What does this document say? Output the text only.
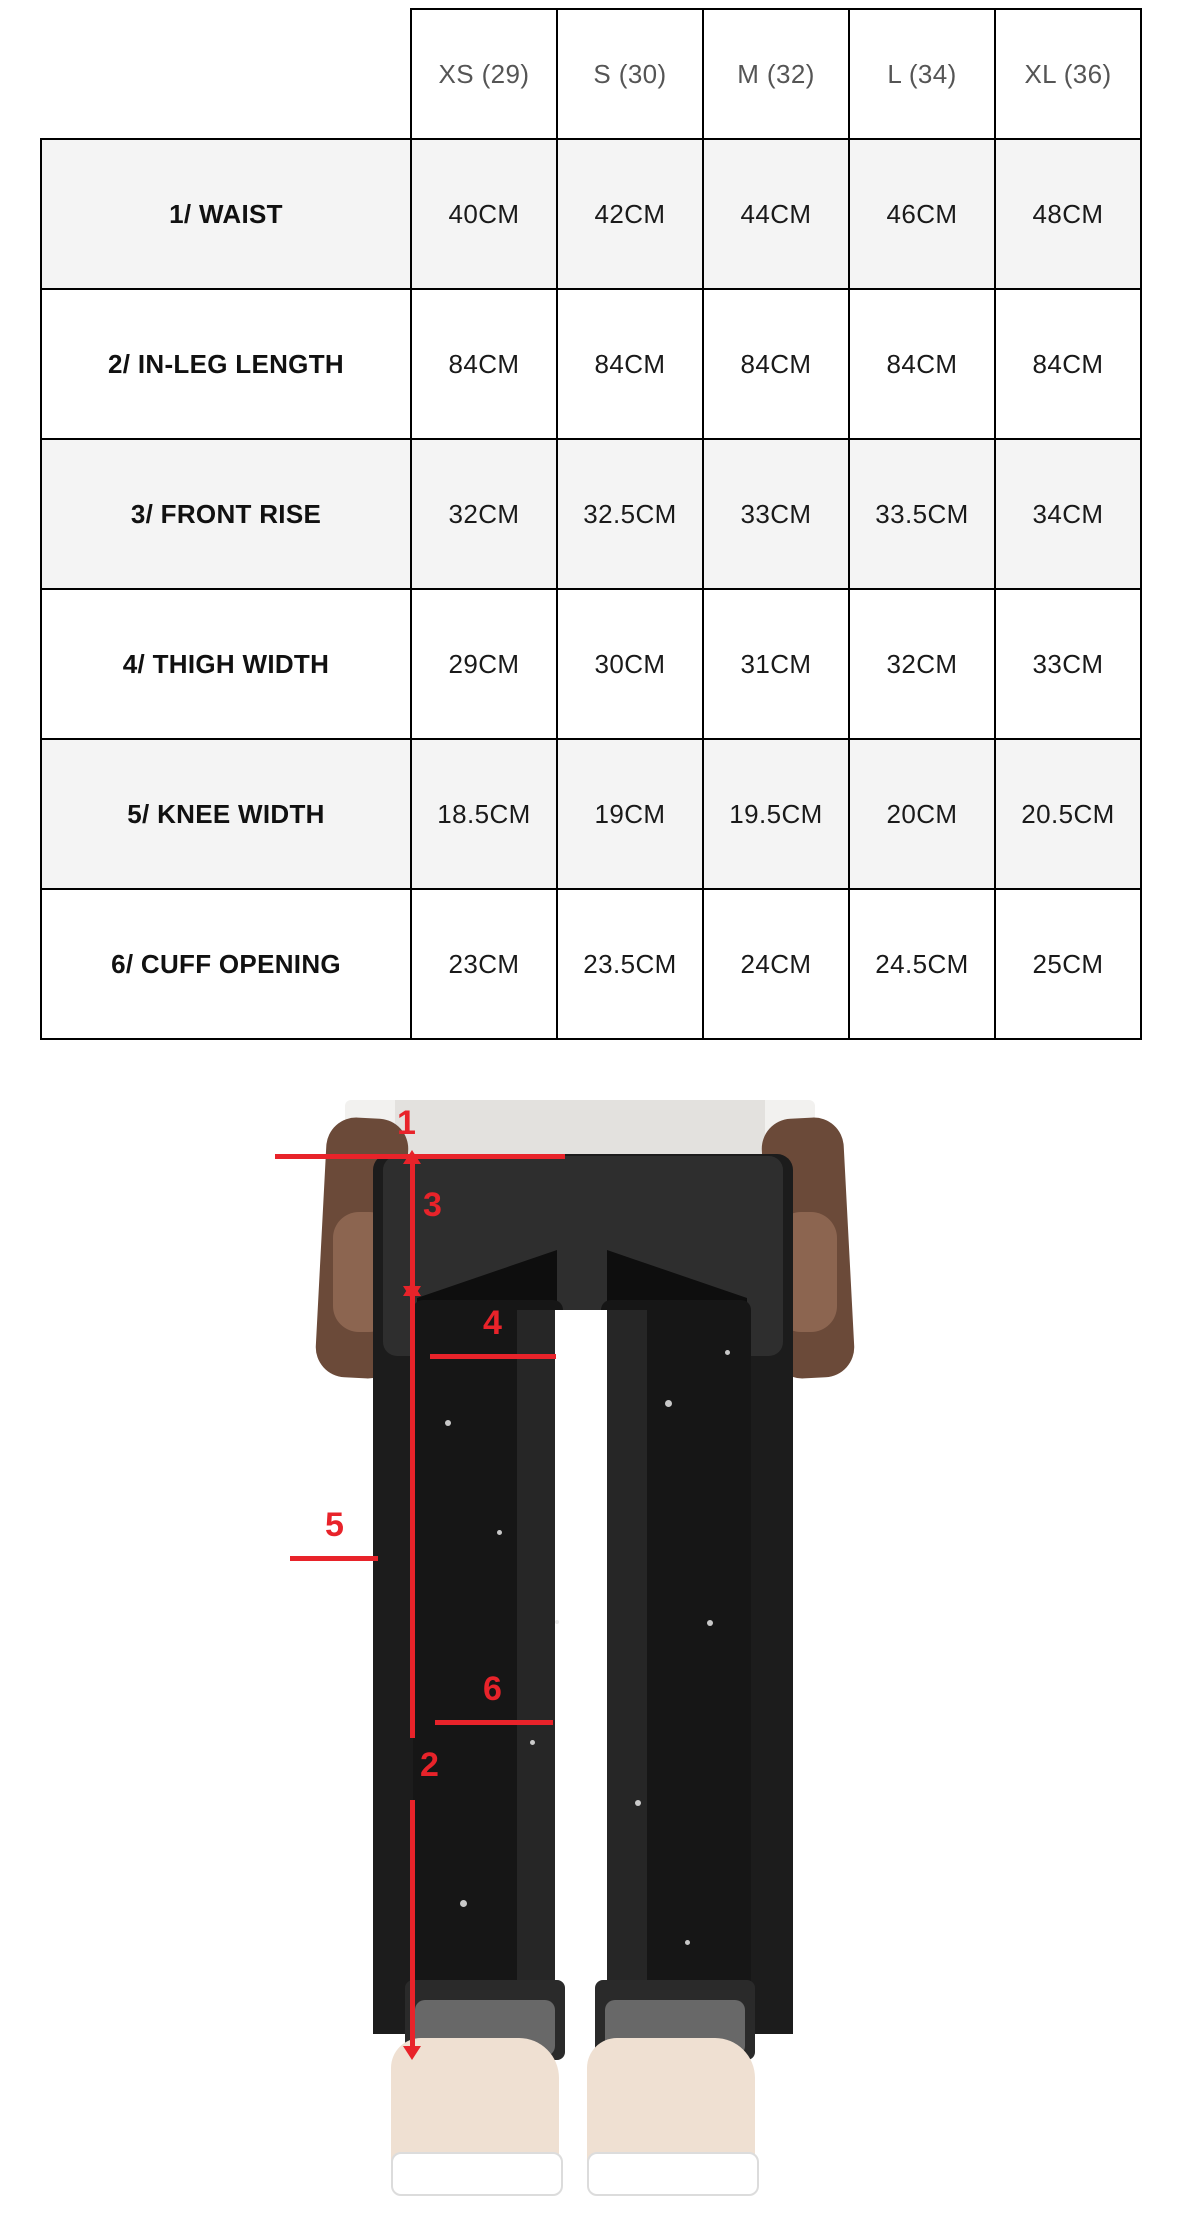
	XS (29)	S (30)	M (32)	L (34)	XL (36)
1/ WAIST	40CM	42CM	44CM	46CM	48CM
2/ IN-LEG LENGTH	84CM	84CM	84CM	84CM	84CM
3/ FRONT RISE	32CM	32.5CM	33CM	33.5CM	34CM
4/ THIGH WIDTH	29CM	30CM	31CM	32CM	33CM
5/ KNEE WIDTH	18.5CM	19CM	19.5CM	20CM	20.5CM
6/ CUFF OPENING	23CM	23.5CM	24CM	24.5CM	25CM
1
3
2
4
5
6
